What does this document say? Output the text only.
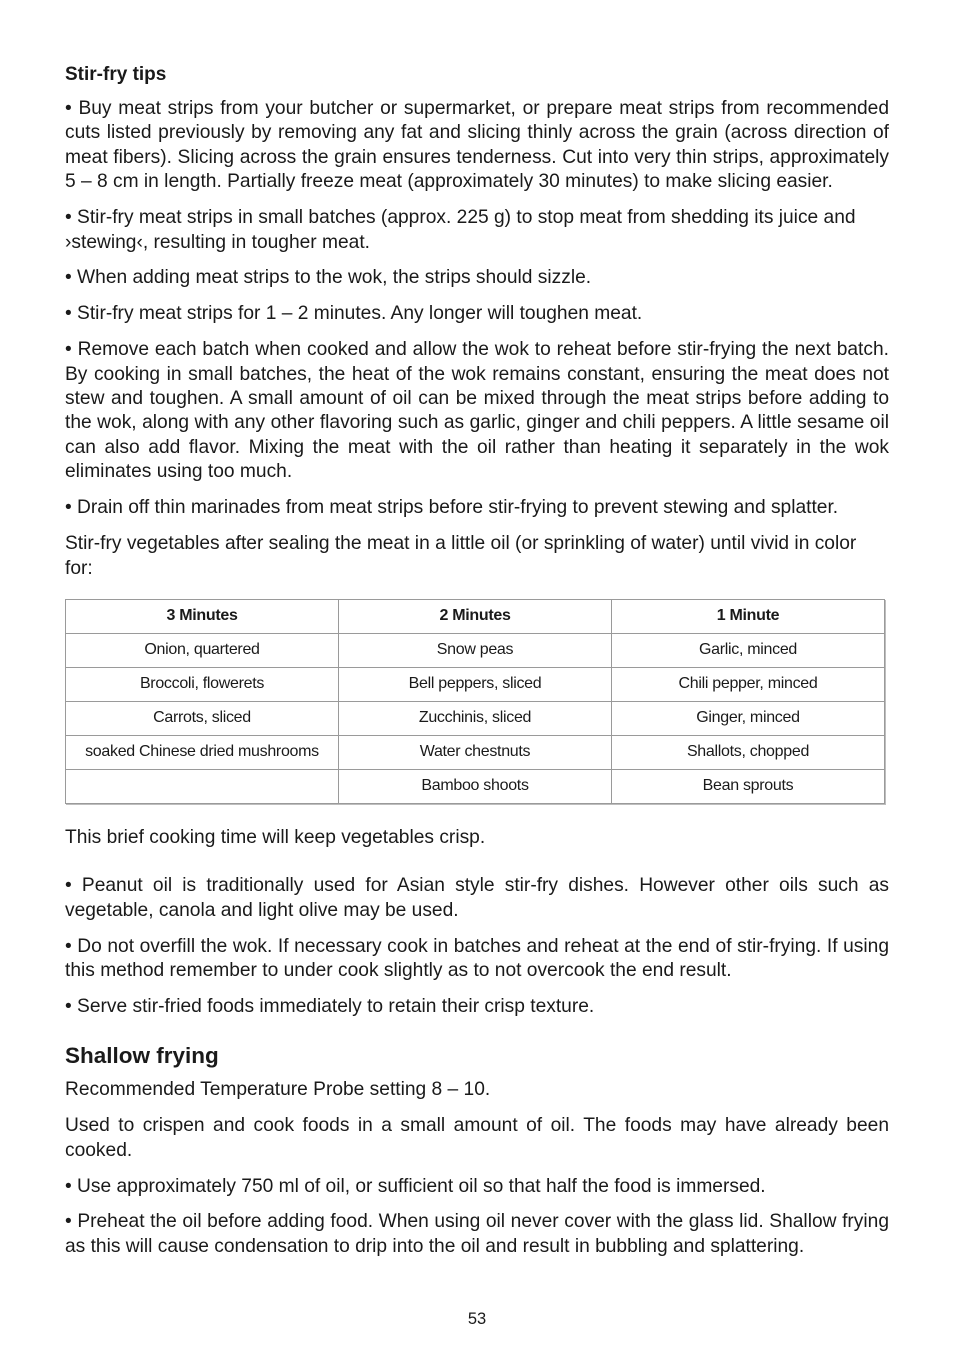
Stir-fry tips

• Buy meat strips from your butcher or supermarket, or prepare meat strips from recommended cuts listed previously by removing any fat and slicing thinly across the grain (across direction of meat fibers). Slicing across the grain ensures tenderness. Cut into very thin strips, approximately 5 – 8 cm in length. Partially freeze meat (approximately 30 minutes) to make slicing easier.

• Stir-fry meat strips in small batches (approx. 225 g) to stop meat from shedding its juice and ›stewing‹, resulting in tougher meat.

• When adding meat strips to the wok, the strips should sizzle.

• Stir-fry meat strips for 1 – 2 minutes. Any longer will toughen meat.

• Remove each batch when cooked and allow the wok to reheat before stir-frying the next batch. By cooking in small batches, the heat of the wok remains constant, ensuring the meat does not stew and toughen. A small amount of oil can be mixed through the meat strips before adding to the wok, along with any other flavoring such as garlic, ginger and chili peppers. A little sesame oil can also add flavor. Mixing the meat with the oil rather than heating it separately in the wok eliminates using too much.

• Drain off thin marinades from meat strips before stir-frying to prevent stewing and splatter.

Stir-fry vegetables after sealing the meat in a little oil (or sprinkling of water) until vivid in color for:

3 Minutes	2 Minutes	1 Minute
Onion, quartered	Snow peas	Garlic, minced
Broccoli, flowerets	Bell peppers, sliced	Chili pepper, minced
Carrots, sliced	Zucchinis, sliced	Ginger, minced
soaked Chinese dried mushrooms	Water chestnuts	Shallots, chopped
	Bamboo shoots	Bean sprouts

This brief cooking time will keep vegetables crisp.

• Peanut oil is traditionally used for Asian style stir-fry dishes. However other oils such as vegetable, canola and light olive may be used.

• Do not overfill the wok. If necessary cook in batches and reheat at the end of stir-frying. If using this method remember to under cook slightly as to not overcook the end result.

• Serve stir-fried foods immediately to retain their crisp texture.

Shallow frying

Recommended Temperature Probe setting 8 – 10.

Used to crispen and cook foods in a small amount of oil. The foods may have already been cooked.

• Use approximately 750 ml of oil, or sufficient oil so that half the food is immersed.

• Preheat the oil before adding food. When using oil never cover with the glass lid. Shallow frying as this will cause condensation to drip into the oil and result in bubbling and splattering.

53
